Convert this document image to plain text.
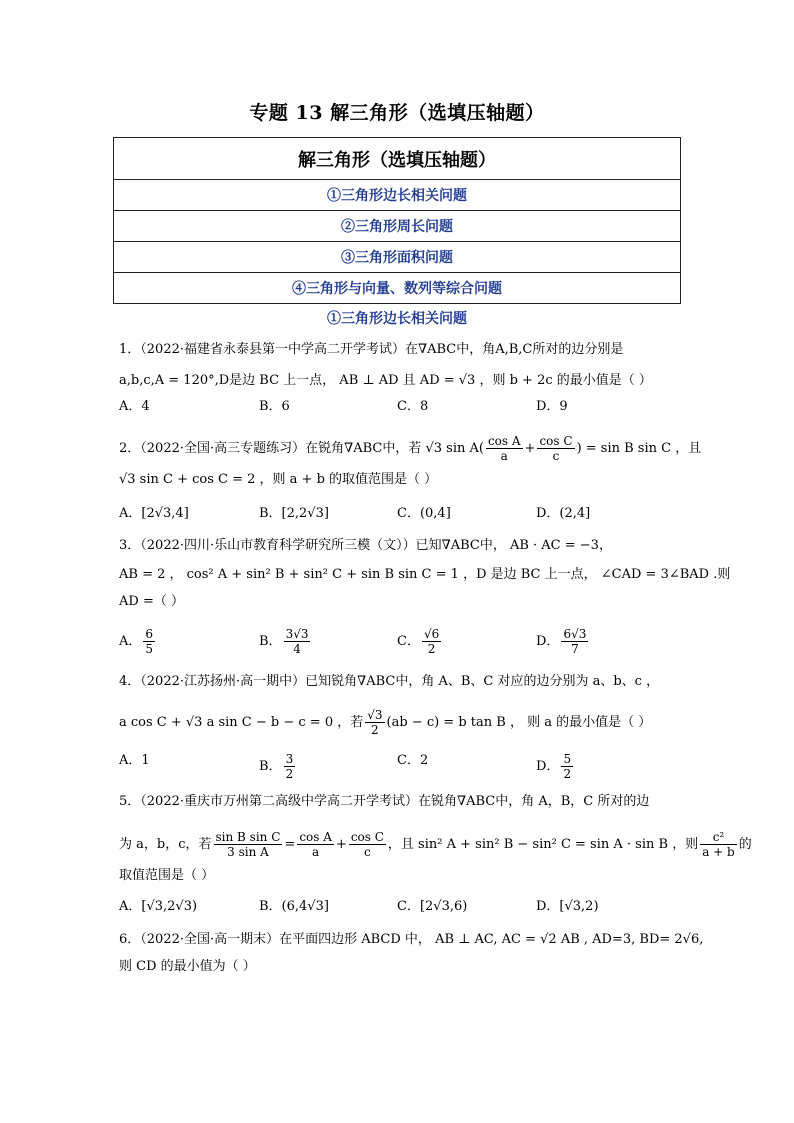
专题 13 解三角形（选填压轴题）
解三角形（选填压轴题）
①三角形边长相关问题
②三角形周长问题
③三角形面积问题
④三角形与向量、数列等综合问题
①三角形边长相关问题
1．（2022·福建省永泰县第一中学高二开学考试）在∇ABC中，角A,B,C所对的边分别是
a,b,c,A = 120°,D是边 BC 上一点， AB ⊥ AD 且 AD = √3 ，则 b + 2c 的最小值是（ ）
A．4	B．6	C．8	D．9
2．（2022·全国·高三专题练习）在锐角∇ABC中，若 √3 $\sin A( \frac{\text{cos A}}{a} + \frac{\text{cos C}}{c}$ ) = sin B sin C ，且
√3 sin C + cos C = 2 ，则 a + b 的取值范围是（ ）
A．[2√3,4]	B．[2,2√3]	C．(0,4]	D．(2,4]
3．（2022·四川·乐山市教育科学研究所三模（文））已知∇ABC中， AB · AC = −3，
AB = 2 ， cos² A + sin² B + sin² C + sin B sin C = 1 ，D 是边 BC 上一点， ∠CAD = 3∠BAD .则
AD =（ ）
A． $\frac{6}{5}$	B． $\frac{3√3}{4}$	C． $\frac{√6}{2}$	D． $\frac{6√3}{7}$
4．（2022·江苏扬州·高一期中）已知锐角∇ABC中，角 A、B、C 对应的边分别为 a、b、c ，
a cos C + √3 a sin C − b − c = 0 ，若 $\frac{√3}{2} (ab - c) = b$ tan B ， 则 a 的最小值是（ ）
A．1	B． $\frac{3}{2}$	C．2	D． $\frac{5}{2}$
5．（2022·重庆市万州第二高级中学高二开学考试）在锐角∇ABC中，角 A，B，C 所对的边
为 a，b，c，若 $\frac{\text{sin B sin C}}{\text{3 sin A}} = \frac{\text{cos A}}{a} + \frac{\text{cos C}}{c}$ ，且 sin² A + sin² B − sin² C = sin A · sin B ，则 $\frac{\text{c²}}{a + b}$ 的
取值范围是（ ）
A．[√3,2√3)	B．(6,4√3]	C．[2√3,6)	D．[√3,2)
6．（2022·全国·高一期末）在平面四边形 ABCD 中， AB ⊥ AC, AC = √2 AB , AD=3, BD= 2√6,
则 CD 的最小值为（ ）
